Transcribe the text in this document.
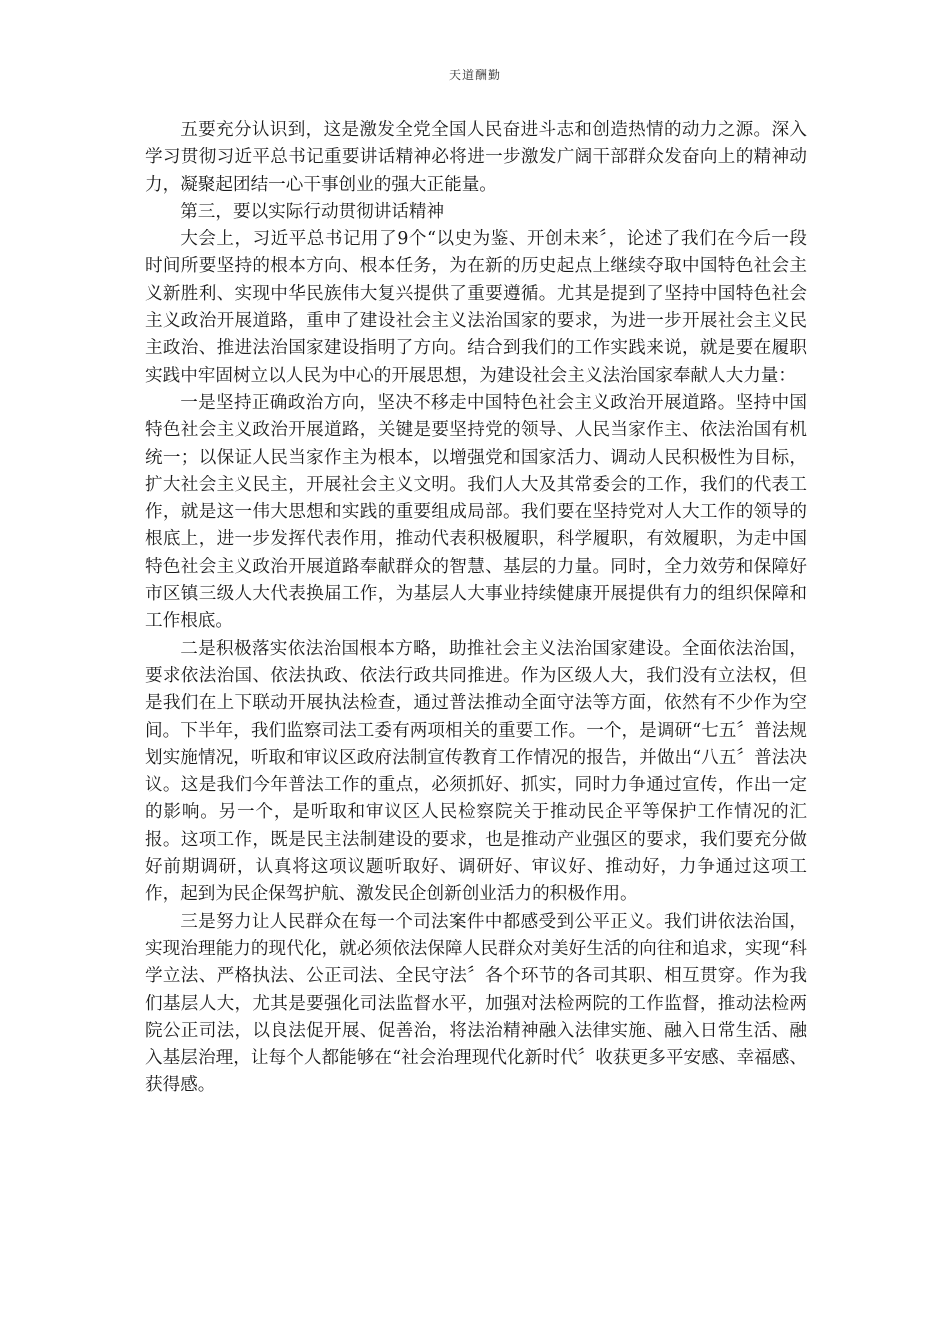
天道酬勤

五要充分认识到，这是激发全党全国人民奋进斗志和创造热情的动力之源。深入学习贯彻习近平总书记重要讲话精神必将进一步激发广阔干部群众发奋向上的精神动力，凝聚起团结一心干事创业的强大正能量。

第三，要以实际行动贯彻讲话精神

大会上，习近平总书记用了9个“以史为鉴、开创未来〞，论述了我们在今后一段时间所要坚持的根本方向、根本任务，为在新的历史起点上继续夺取中国特色社会主义新胜利、实现中华民族伟大复兴提供了重要遵循。尤其是提到了坚持中国特色社会主义政治开展道路，重申了建设社会主义法治国家的要求，为进一步开展社会主义民主政治、推进法治国家建设指明了方向。结合到我们的工作实践来说，就是要在履职实践中牢固树立以人民为中心的开展思想，为建设社会主义法治国家奉献人大力量：

一是坚持正确政治方向，坚决不移走中国特色社会主义政治开展道路。坚持中国特色社会主义政治开展道路，关键是要坚持党的领导、人民当家作主、依法治国有机统一；以保证人民当家作主为根本，以增强党和国家活力、调动人民积极性为目标，扩大社会主义民主，开展社会主义文明。我们人大及其常委会的工作，我们的代表工作，就是这一伟大思想和实践的重要组成局部。我们要在坚持党对人大工作的领导的根底上，进一步发挥代表作用，推动代表积极履职，科学履职，有效履职，为走中国特色社会主义政治开展道路奉献群众的智慧、基层的力量。同时，全力效劳和保障好市区镇三级人大代表换届工作，为基层人大事业持续健康开展提供有力的组织保障和工作根底。

二是积极落实依法治国根本方略，助推社会主义法治国家建设。全面依法治国，要求依法治国、依法执政、依法行政共同推进。作为区级人大，我们没有立法权，但是我们在上下联动开展执法检查，通过普法推动全面守法等方面，依然有不少作为空间。下半年，我们监察司法工委有两项相关的重要工作。一个，是调研“七五〞普法规划实施情况，听取和审议区政府法制宣传教育工作情况的报告，并做出“八五〞普法决议。这是我们今年普法工作的重点，必须抓好、抓实，同时力争通过宣传，作出一定的影响。另一个，是听取和审议区人民检察院关于推动民企平等保护工作情况的汇报。这项工作，既是民主法制建设的要求，也是推动产业强区的要求，我们要充分做好前期调研，认真将这项议题听取好、调研好、审议好、推动好，力争通过这项工作，起到为民企保驾护航、激发民企创新创业活力的积极作用。

三是努力让人民群众在每一个司法案件中都感受到公平正义。我们讲依法治国，实现治理能力的现代化，就必须依法保障人民群众对美好生活的向往和追求，实现“科学立法、严格执法、公正司法、全民守法〞各个环节的各司其职、相互贯穿。作为我们基层人大，尤其是要强化司法监督水平，加强对法检两院的工作监督，推动法检两院公正司法，以良法促开展、促善治，将法治精神融入法律实施、融入日常生活、融入基层治理，让每个人都能够在“社会治理现代化新时代〞收获更多平安感、幸福感、获得感。
